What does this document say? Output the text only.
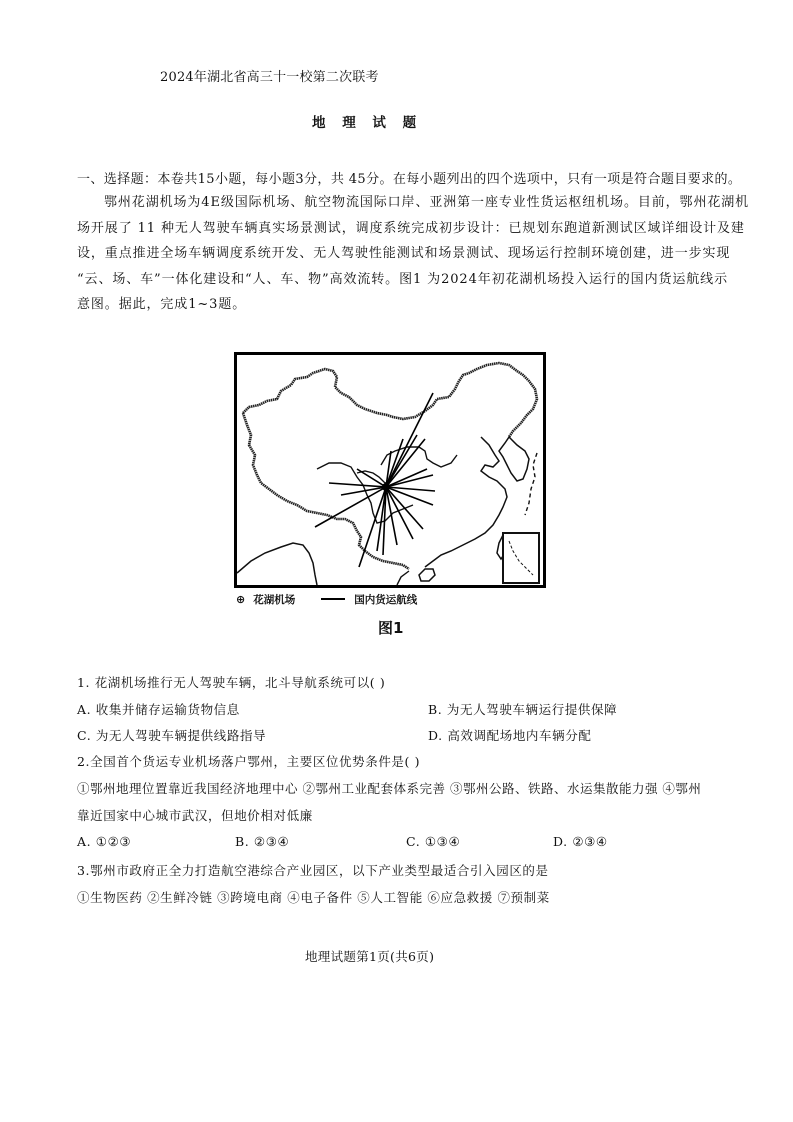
2024年湖北省高三十一校第二次联考
地 理 试 题
一、选择题：本卷共15小题，每小题3分，共 45分。在每小题列出的四个选项中，只有一项是符合题目要求的。
鄂州花湖机场为4E级国际机场、航空物流国际口岸、亚洲第一座专业性货运枢纽机场。目前，鄂州花湖机
场开展了 11 种无人驾驶车辆真实场景测试，调度系统完成初步设计：已规划东跑道新测试区域详细设计及建
设，重点推进全场车辆调度系统开发、无人驾驶性能测试和场景测试、现场运行控制环境创建，进一步实现
“云、场、车”一体化建设和“人、车、物”高效流转。图1 为2024年初花湖机场投入运行的国内货运航线示
意图。据此，完成1~3题。
⊕ 花湖机场	国内货运航线
图1
1. 花湖机场推行无人驾驶车辆，北斗导航系统可以( )
A. 收集并储存运输货物信息	B. 为无人驾驶车辆运行提供保障
C. 为无人驾驶车辆提供线路指导	D. 高效调配场地内车辆分配
2.全国首个货运专业机场落户鄂州，主要区位优势条件是( )
①鄂州地理位置靠近我国经济地理中心 ②鄂州工业配套体系完善 ③鄂州公路、铁路、水运集散能力强 ④鄂州
靠近国家中心城市武汉，但地价相对低廉
A. ①②③	B. ②③④	C. ①③④	D. ②③④
3.鄂州市政府正全力打造航空港综合产业园区，以下产业类型最适合引入园区的是
①生物医药 ②生鲜冷链 ③跨境电商 ④电子备件 ⑤人工智能 ⑥应急救援 ⑦预制菜
地理试题第1页(共6页)
